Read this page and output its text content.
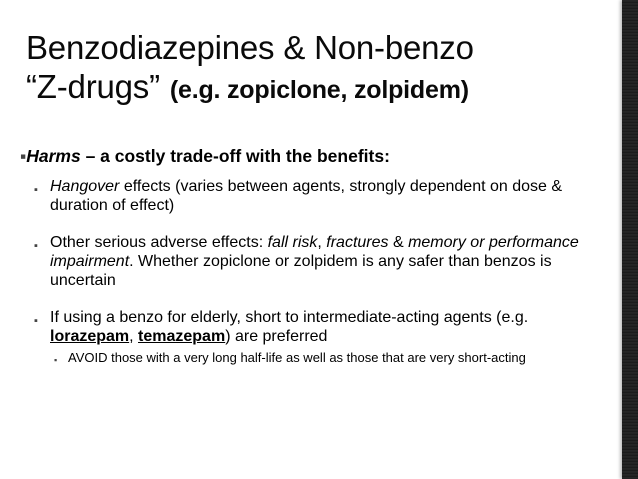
Benzodiazepines & Non-benzo
“Z-drugs” (e.g. zopiclone, zolpidem)
▪Harms – a costly trade-off with the benefits:
▪ Hangover effects (varies between agents, strongly dependent on dose & duration of effect)
▪ Other serious adverse effects: fall risk, fractures & memory or performance impairment. Whether zopiclone or zolpidem is any safer than benzos is uncertain
▪ If using a benzo for elderly, short to intermediate-acting agents (e.g. lorazepam, temazepam) are preferred
▪ AVOID those with a very long half-life as well as those that are very short-acting
